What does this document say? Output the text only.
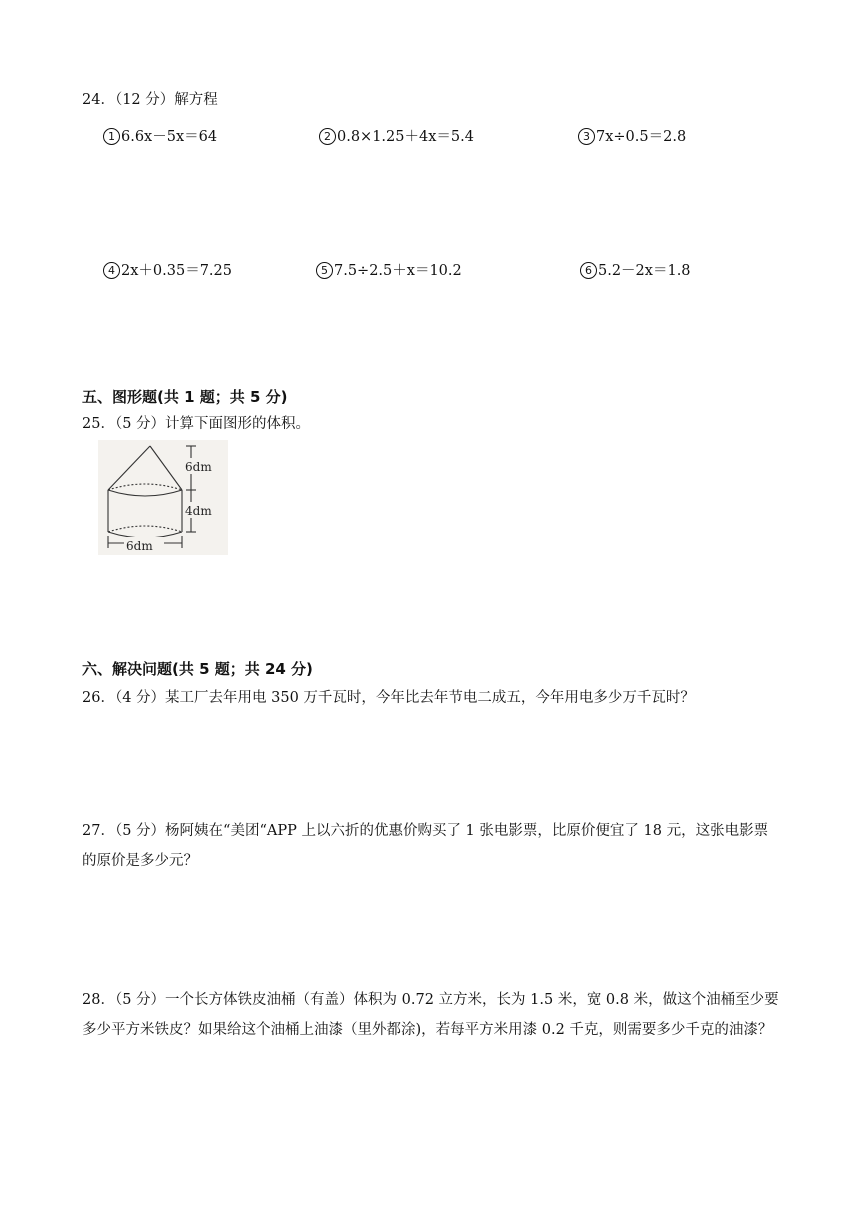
24．（12 分）解方程
1 6.6x－5x＝64	2 0.8×1.25＋4x＝5.4	3 7x÷0.5＝2.8
4 2x＋0.35＝7.25	5 7.5÷2.5＋x＝10.2	6 5.2－2x＝1.8
五、图形题(共 1 题；共 5 分)
25．（5 分）计算下面图形的体积。
6dm
4dm
6dm
六、解决问题(共 5 题；共 24 分)
26．（4 分）某工厂去年用电 350 万千瓦时，今年比去年节电二成五，今年用电多少万千瓦时？
27．（5 分）杨阿姨在“美团“APP 上以六折的优惠价购买了 1 张电影票，比原价便宜了 18 元，这张电影票的原价是多少元？
28．（5 分）一个长方体铁皮油桶（有盖）体积为 0.72 立方米，长为 1.5 米，宽 0.8 米，做这个油桶至少要多少平方米铁皮？如果给这个油桶上油漆（里外都涂)，若每平方米用漆 0.2 千克，则需要多少千克的油漆？
